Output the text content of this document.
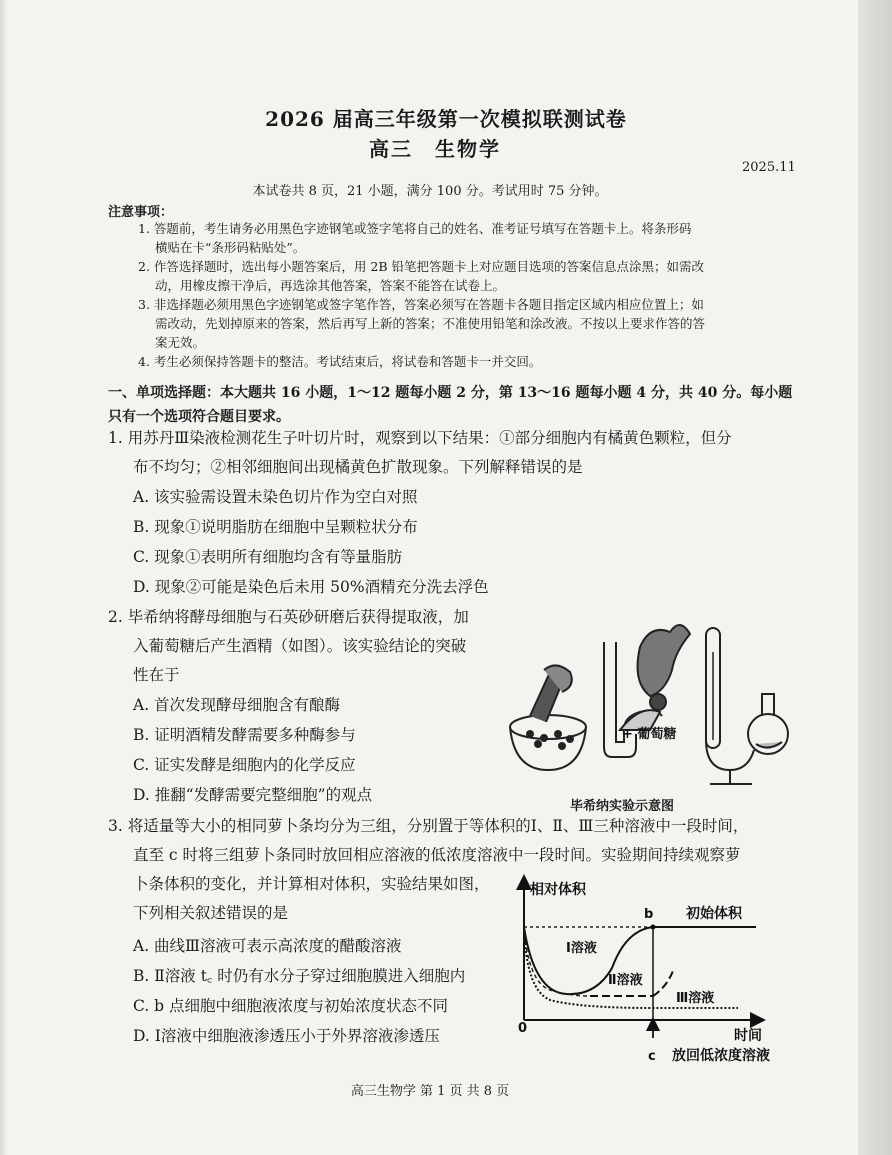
2026 届高三年级第一次模拟联测试卷
高三　生物学
2025.11
本试卷共 8 页，21 小题，满分 100 分。考试用时 75 分钟。
注意事项：
1. 答题前，考生请务必用黑色字迹钢笔或签字笔将自己的姓名、准考证号填写在答题卡上。将条形码
横贴在卡“条形码粘贴处”。
2. 作答选择题时，选出每小题答案后，用 2B 铅笔把答题卡上对应题目选项的答案信息点涂黑；如需改
动，用橡皮擦干净后，再选涂其他答案，答案不能答在试卷上。
3. 非选择题必须用黑色字迹钢笔或签字笔作答，答案必须写在答题卡各题目指定区域内相应位置上；如
需改动，先划掉原来的答案，然后再写上新的答案；不准使用铅笔和涂改液。不按以上要求作答的答
案无效。
4. 考生必须保持答题卡的整洁。考试结束后，将试卷和答题卡一并交回。
一、单项选择题：本大题共 16 小题，1～12 题每小题 2 分，第 13～16 题每小题 4 分，共 40 分。每小题
只有一个选项符合题目要求。
1. 用苏丹Ⅲ染液检测花生子叶切片时，观察到以下结果：①部分细胞内有橘黄色颗粒，但分
布不均匀；②相邻细胞间出现橘黄色扩散现象。下列解释错误的是
A. 该实验需设置未染色切片作为空白对照
B. 现象①说明脂肪在细胞中呈颗粒状分布
C. 现象①表明所有细胞均含有等量脂肪
D. 现象②可能是染色后未用 50%酒精充分洗去浮色
2. 毕希纳将酵母细胞与石英砂研磨后获得提取液，加
入葡萄糖后产生酒精（如图）。该实验结论的突破
性在于
A. 首次发现酵母细胞含有酿酶
B. 证明酒精发酵需要多种酶参与
C. 证实发酵是细胞内的化学反应
D. 推翻“发酵需要完整细胞”的观点
+ 葡萄糖
毕希纳实验示意图
3. 将适量等大小的相同萝卜条均分为三组，分别置于等体积的Ⅰ、Ⅱ、Ⅲ三种溶液中一段时间，
直至 c 时将三组萝卜条同时放回相应溶液的低浓度溶液中一段时间。实验期间持续观察萝
卜条体积的变化，并计算相对体积，实验结果如图，
下列相关叙述错误的是
A. 曲线Ⅲ溶液可表示高浓度的醋酸溶液
B. Ⅱ溶液 t꜀ 时仍有水分子穿过细胞膜进入细胞内
C. b 点细胞中细胞液浓度与初始浓度状态不同
D. Ⅰ溶液中细胞液渗透压小于外界溶液渗透压
相对体积
时间
0
初始体积
Ⅰ溶液
Ⅱ溶液
Ⅲ溶液
b
c 放回低浓度溶液
高三生物学 第 1 页 共 8 页
